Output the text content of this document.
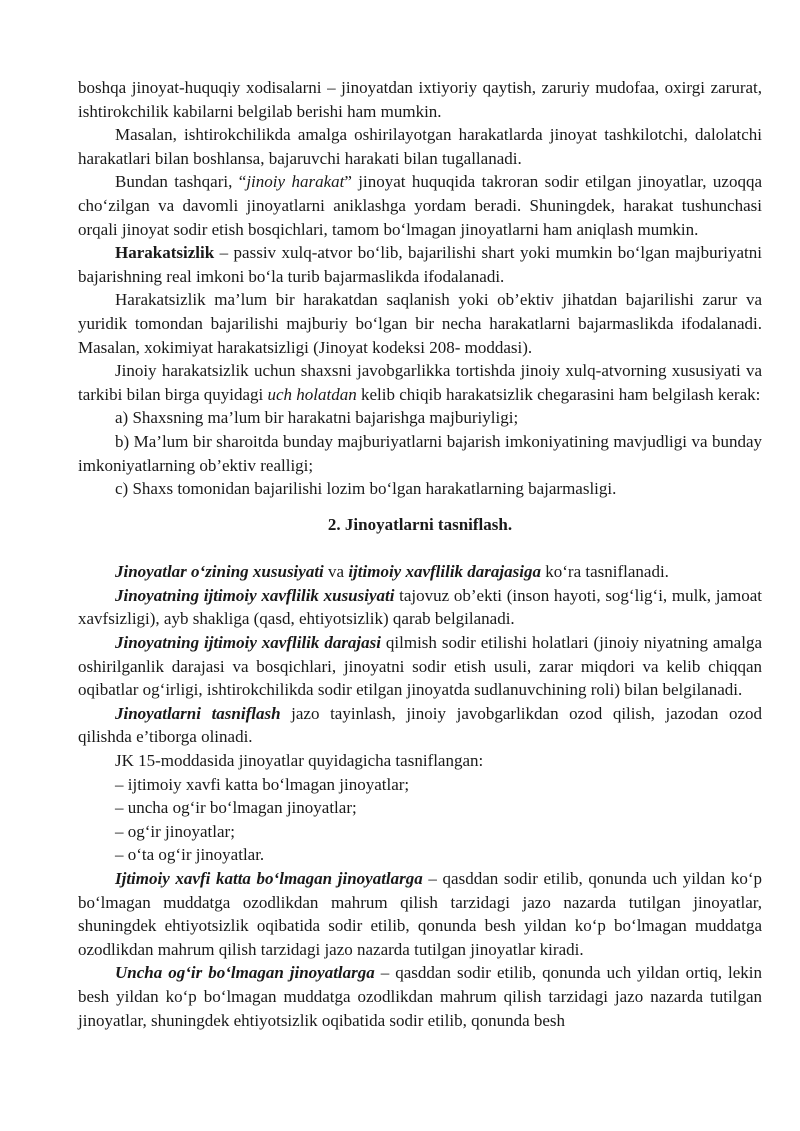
boshqa jinoyat-huquqiy xodisalarni – jinoyatdan ixtiyoriy qaytish, zaruriy mudofaa, oxirgi zarurat, ishtirokchilik kabilarni belgilab berishi ham mumkin.

Masalan, ishtirokchilikda amalga oshirilayotgan harakatlarda jinoyat tashkilotchi, dalolatchi harakatlari bilan boshlansa, bajaruvchi harakati bilan tugallanadi.

Bundan tashqari, “jinoiy harakat” jinoyat huquqida takroran sodir etilgan jinoyatlar, uzoqqa cho‘zilgan va davomli jinoyatlarni aniklashga yordam beradi. Shuningdek, harakat tushunchasi orqali jinoyat sodir etish bosqichlari, tamom bo‘lmagan jinoyatlarni ham aniqlash mumkin.

Harakatsizlik – passiv xulq-atvor bo‘lib, bajarilishi shart yoki mumkin bo‘lgan majburiyatni bajarishning real imkoni bo‘la turib bajarmaslikda ifodalanadi.

Harakatsizlik ma’lum bir harakatdan saqlanish yoki ob’ektiv jihatdan bajarilishi zarur va yuridik tomondan bajarilishi majburiy bo‘lgan bir necha harakatlarni bajarmaslikda ifodalanadi. Masalan, xokimiyat harakatsizligi (Jinoyat kodeksi 208- moddasi).

Jinoiy harakatsizlik uchun shaxsni javobgarlikka tortishda jinoiy xulq-atvorning xususiyati va tarkibi bilan birga quyidagi uch holatdan kelib chiqib harakatsizlik chegarasini ham belgilash kerak:

a) Shaxsning ma’lum bir harakatni bajarishga majburiyligi;

b) Ma’lum bir sharoitda bunday majburiyatlarni bajarish imkoniyatining mavjudligi va bunday imkoniyatlarning ob’ektiv realligi;

c) Shaxs tomonidan bajarilishi lozim bo‘lgan harakatlarning bajarmasligi.

2. Jinoyatlarni tasniflash.

Jinoyatlar o‘zining xususiyati va ijtimoiy xavflilik darajasiga ko‘ra tasniflanadi.

Jinoyatning ijtimoiy xavflilik xususiyati tajovuz ob’ekti (inson hayoti, sog‘lig‘i, mulk, jamoat xavfsizligi), ayb shakliga (qasd, ehtiyotsizlik) qarab belgilanadi.

Jinoyatning ijtimoiy xavflilik darajasi qilmish sodir etilishi holatlari (jinoiy niyatning amalga oshirilganlik darajasi va bosqichlari, jinoyatni sodir etish usuli, zarar miqdori va kelib chiqqan oqibatlar og‘irligi, ishtirokchilikda sodir etilgan jinoyatda sudlanuvchining roli) bilan belgilanadi.

Jinoyatlarni tasniflash jazo tayinlash, jinoiy javobgarlikdan ozod qilish, jazodan ozod qilishda e’tiborga olinadi.

JK 15-moddasida jinoyatlar quyidagicha tasniflangan:

– ijtimoiy xavfi katta bo‘lmagan jinoyatlar;

– uncha og‘ir bo‘lmagan jinoyatlar;

– og‘ir jinoyatlar;

– o‘ta og‘ir jinoyatlar.

Ijtimoiy xavfi katta bo‘lmagan jinoyatlarga – qasddan sodir etilib, qonunda uch yildan ko‘p bo‘lmagan muddatga ozodlikdan mahrum qilish tarzidagi jazo nazarda tutilgan jinoyatlar, shuningdek ehtiyotsizlik oqibatida sodir etilib, qonunda besh yildan ko‘p bo‘lmagan muddatga ozodlikdan mahrum qilish tarzidagi jazo nazarda tutilgan jinoyatlar kiradi.

Uncha og‘ir bo‘lmagan jinoyatlarga – qasddan sodir etilib, qonunda uch yildan ortiq, lekin besh yildan ko‘p bo‘lmagan muddatga ozodlikdan mahrum qilish tarzidagi jazo nazarda tutilgan jinoyatlar, shuningdek ehtiyotsizlik oqibatida sodir etilib, qonunda besh
